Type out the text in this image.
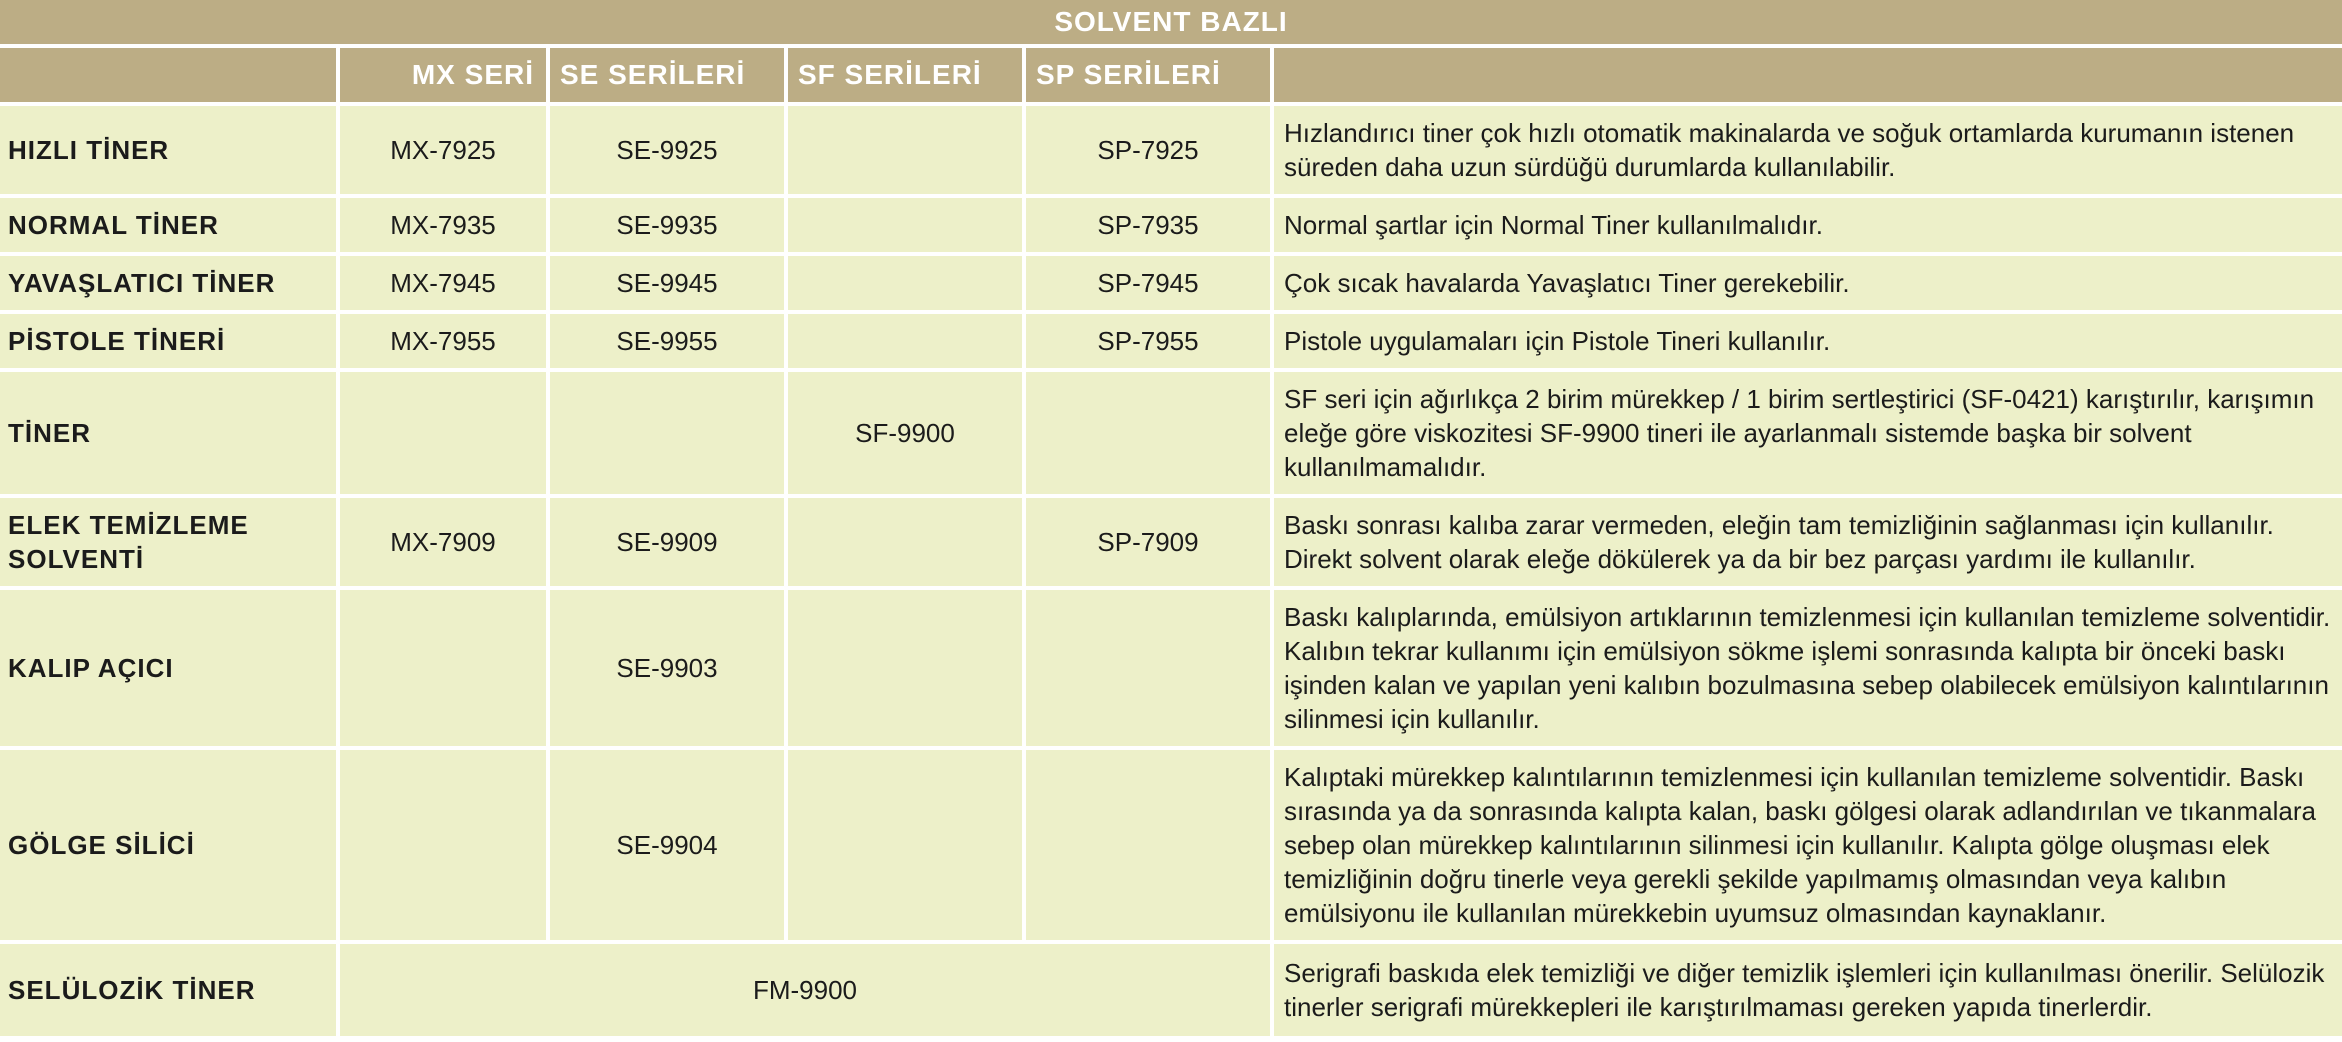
SOLVENT BAZLI					
	MX SERİ	SE SERİLERİ	SF SERİLERİ	SP SERİLERİ	
HIZLI TİNER	MX-7925	SE-9925		SP-7925	Hızlandırıcı tiner çok hızlı otomatik makinalarda ve soğuk ortamlarda kurumanın istenen süreden daha uzun sürdüğü durumlarda kullanılabilir.
NORMAL TİNER	MX-7935	SE-9935		SP-7935	Normal şartlar için Normal Tiner kullanılmalıdır.
YAVAŞLATICI TİNER	MX-7945	SE-9945		SP-7945	Çok sıcak havalarda Yavaşlatıcı Tiner gerekebilir.
PİSTOLE TİNERİ	MX-7955	SE-9955		SP-7955	Pistole uygulamaları için Pistole Tineri kullanılır.
TİNER			SF-9900		SF seri için ağırlıkça 2 birim mürekkep / 1 birim sertleştirici (SF-0421) karıştırılır, karışımın eleğe göre viskozitesi SF-9900 tineri ile ayarlanmalı sistemde başka bir solvent kullanılmamalıdır.
ELEK TEMİZLEME SOLVENTİ	MX-7909	SE-9909		SP-7909	Baskı sonrası kalıba zarar vermeden, eleğin tam temizliğinin sağlanması için kullanılır. Direkt solvent olarak eleğe dökülerek ya da bir bez parçası yardımı ile kullanılır.
KALIP AÇICI		SE-9903			Baskı kalıplarında, emülsiyon artıklarının temizlenmesi için kullanılan temizleme solventidir. Kalıbın tekrar kullanımı için emülsiyon sökme işlemi sonrasında kalıpta bir önceki baskı işinden kalan ve yapılan yeni kalıbın bozulmasına sebep olabilecek emülsiyon kalıntılarının silinmesi için kullanılır.
GÖLGE SİLİCİ		SE-9904			Kalıptaki mürekkep kalıntılarının temizlenmesi için kullanılan temizleme solventidir. Baskı sırasında ya da sonrasında kalıpta kalan, baskı gölgesi olarak adlandırılan ve tıkanmalara sebep olan mürekkep kalıntılarının silinmesi için kullanılır. Kalıpta gölge oluşması elek temizliğinin doğru tinerle veya gerekli şekilde yapılmamış olmasından veya kalıbın emülsiyonu ile kullanılan mürekkebin uyumsuz olmasından kaynaklanır.
SELÜLOZİK TİNER	FM-9900				Serigrafi baskıda elek temizliği ve diğer temizlik işlemleri için kullanılması önerilir. Selülozik tinerler serigrafi mürekkepleri ile karıştırılmaması gereken yapıda tinerlerdir.
